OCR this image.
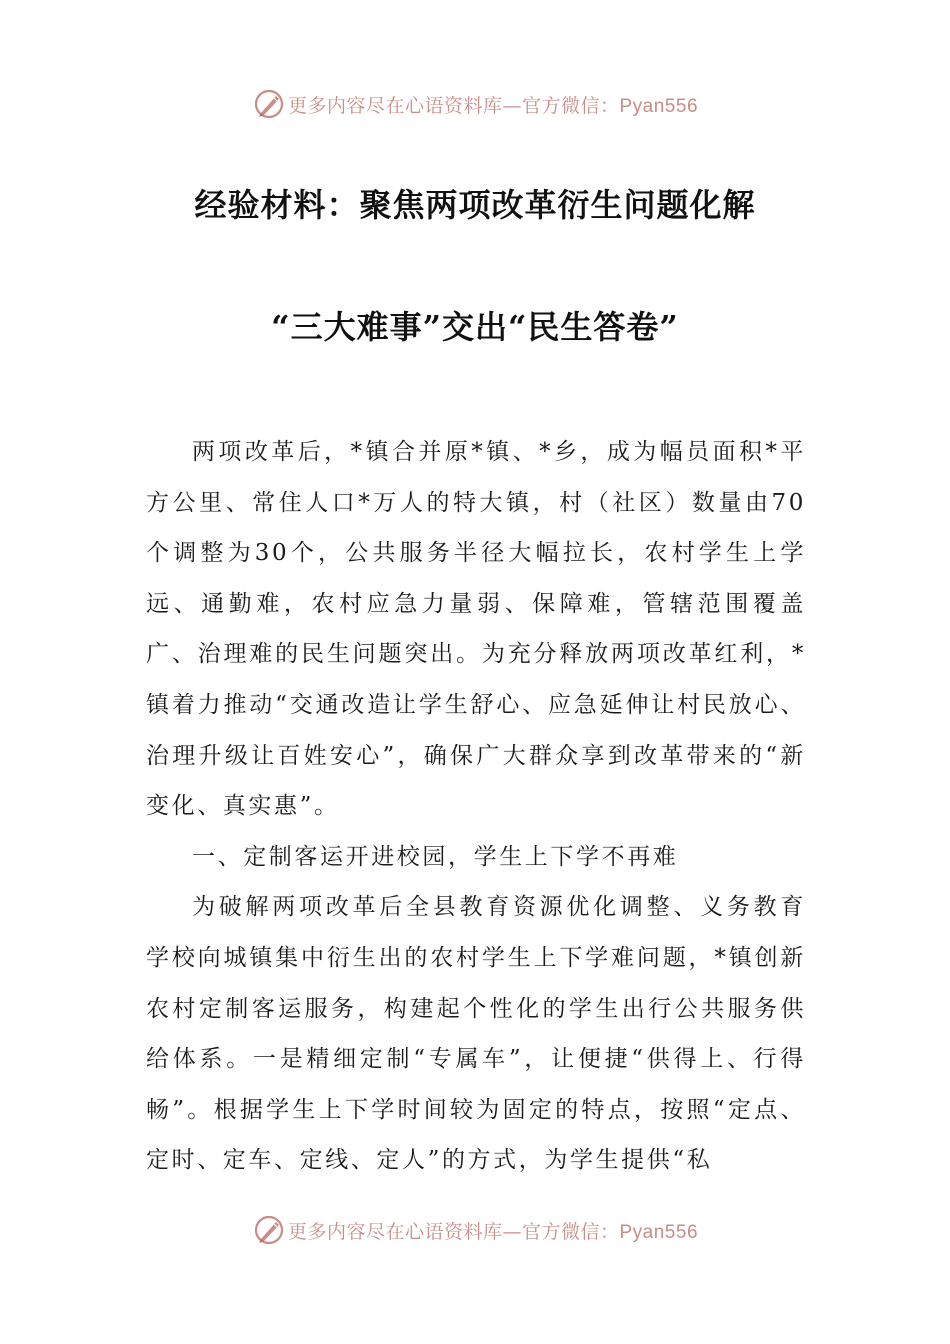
更多内容尽在心语资料库—官方微信：Pyan556
经验材料：聚焦两项改革衍生问题化解
“三大难事”交出“民生答卷”

两项改革后，*镇合并原*镇、*乡，成为幅员面积*平方公里、常住人口*万人的特大镇，村（社区）数量由70个调整为30个，公共服务半径大幅拉长，农村学生上学远、通勤难，农村应急力量弱、保障难，管辖范围覆盖广、治理难的民生问题突出。为充分释放两项改革红利，*镇着力推动“交通改造让学生舒心、应急延伸让村民放心、治理升级让百姓安心”，确保广大群众享到改革带来的“新变化、真实惠”。

一、定制客运开进校园，学生上下学不再难

为破解两项改革后全县教育资源优化调整、义务教育学校向城镇集中衍生出的农村学生上下学难问题，*镇创新农村定制客运服务，构建起个性化的学生出行公共服务供给体系。一是精细定制“专属车”，让便捷“供得上、行得畅”。根据学生上下学时间较为固定的特点，按照“定点、定时、定车、定线、定人”的方式，为学生提供“私

更多内容尽在心语资料库—官方微信：Pyan556
